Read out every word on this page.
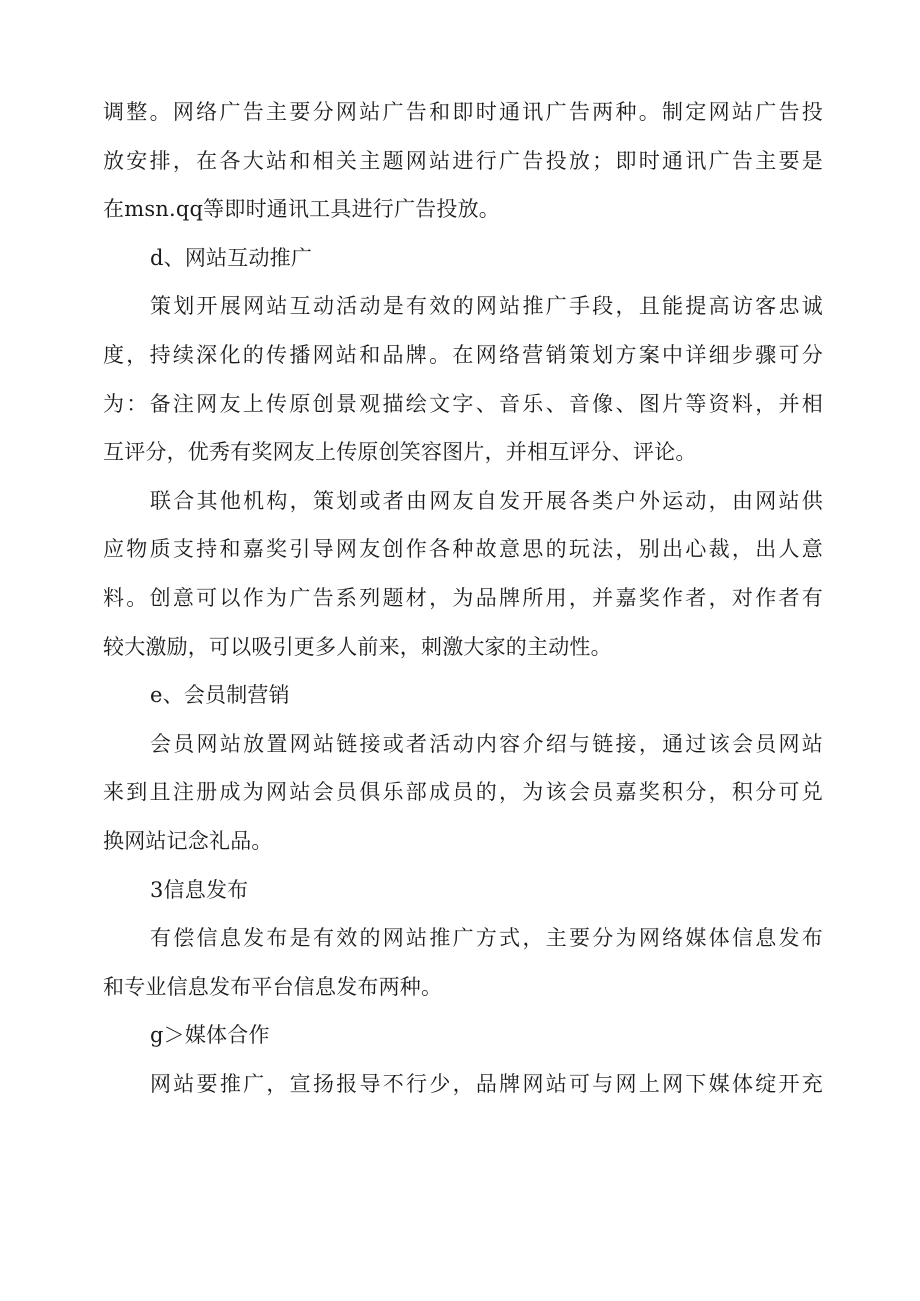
调整。网络广告主要分网站广告和即时通讯广告两种。制定网站广告投
放安排，在各大站和相关主题网站进行广告投放；即时通讯广告主要是
在msn.qq等即时通讯工具进行广告投放。
d、网站互动推广
策划开展网站互动活动是有效的网站推广手段，且能提高访客忠诚
度，持续深化的传播网站和品牌。在网络营销策划方案中详细步骤可分
为：备注网友上传原创景观描绘文字、音乐、音像、图片等资料，并相
互评分，优秀有奖网友上传原创笑容图片，并相互评分、评论。
联合其他机构，策划或者由网友自发开展各类户外运动，由网站供
应物质支持和嘉奖引导网友创作各种故意思的玩法，别出心裁，出人意
料。创意可以作为广告系列题材，为品牌所用，并嘉奖作者，对作者有
较大激励，可以吸引更多人前来，刺激大家的主动性。
e、会员制营销
会员网站放置网站链接或者活动内容介绍与链接，通过该会员网站
来到且注册成为网站会员俱乐部成员的，为该会员嘉奖积分，积分可兑
换网站记念礼品。
3信息发布
有偿信息发布是有效的网站推广方式，主要分为网络媒体信息发布
和专业信息发布平台信息发布两种。
g＞媒体合作
网站要推广，宣扬报导不行少，品牌网站可与网上网下媒体绽开充
